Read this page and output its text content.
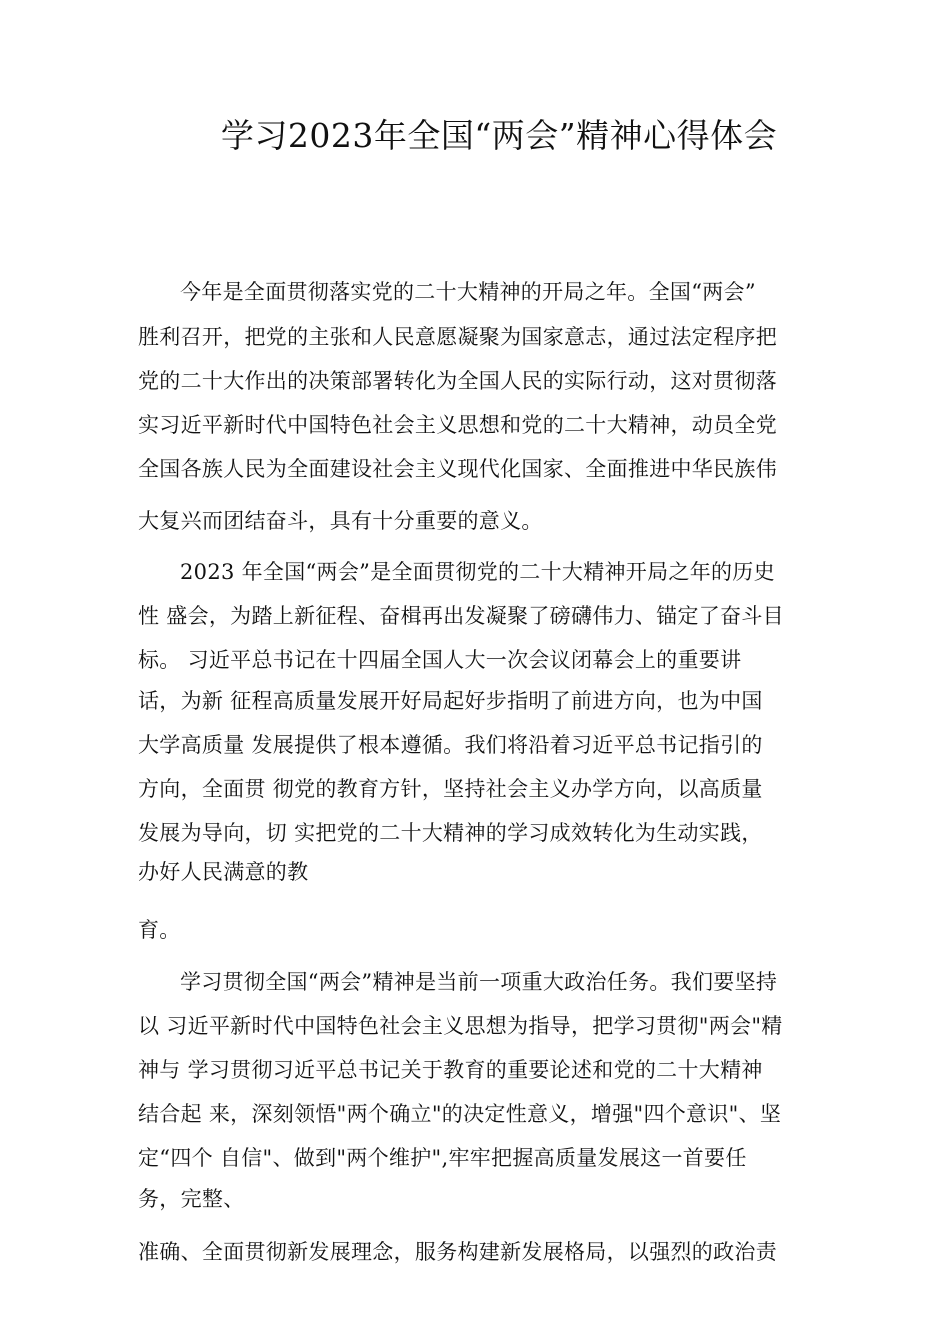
学习2023年全国“两会”精神心得体会
今年是全面贯彻落实党的二十大精神的开局之年。全国“两会”
胜利召开，把党的主张和人民意愿凝聚为国家意志，通过法定程序把
党的二十大作出的决策部署转化为全国人民的实际行动，这对贯彻落
实习近平新时代中国特色社会主义思想和党的二十大精神，动员全党
全国各族人民为全面建设社会主义现代化国家、全面推进中华民族伟
大复兴而团结奋斗，具有十分重要的意义。
2023 年全国“两会”是全面贯彻党的二十大精神开局之年的历史
性 盛会，为踏上新征程、奋楫再出发凝聚了磅礴伟力、锚定了奋斗目
标。 习近平总书记在十四届全国人大一次会议闭幕会上的重要讲
话，为新 征程高质量发展开好局起好步指明了前进方向，也为中国
大学高质量 发展提供了根本遵循。我们将沿着习近平总书记指引的
方向，全面贯 彻党的教育方针，坚持社会主义办学方向，以高质量
发展为导向，切 实把党的二十大精神的学习成效转化为生动实践，
办好人民满意的教
育。
学习贯彻全国“两会”精神是当前一项重大政治任务。我们要坚持
以 习近平新时代中国特色社会主义思想为指导，把学习贯彻"两会"精
神与 学习贯彻习近平总书记关于教育的重要论述和党的二十大精神
结合起 来，深刻领悟"两个确立"的决定性意义，增强"四个意识"、坚
定“四个 自信"、做到"两个维护",牢牢把握高质量发展这一首要任
务，完整、
准确、全面贯彻新发展理念，服务构建新发展格局，以强烈的政治责
